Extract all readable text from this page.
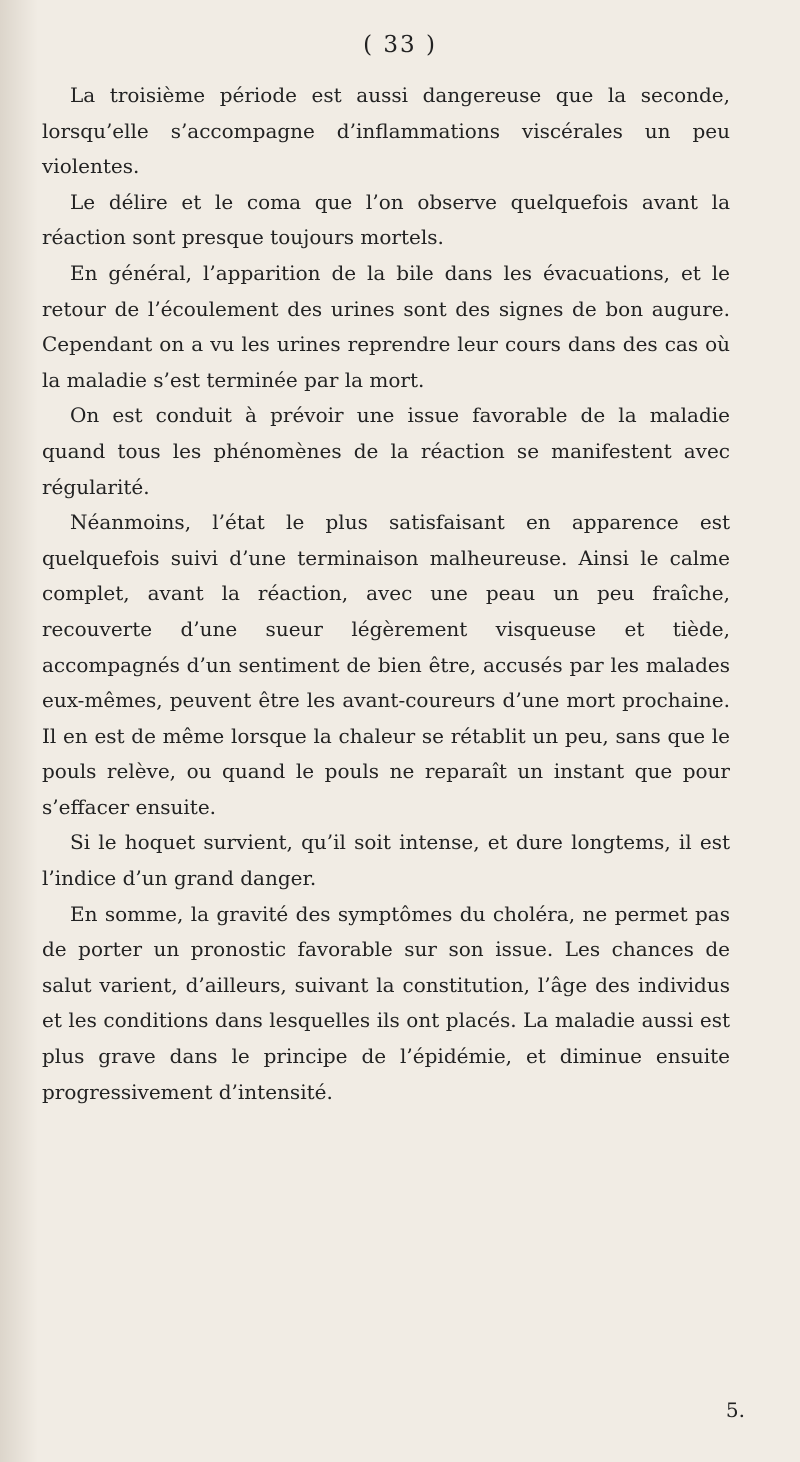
( 33 )

La troisième période est aussi dangereuse que la seconde, lorsqu’elle s’accompagne d’inflammations viscérales un peu violentes.

Le délire et le coma que l’on observe quelquefois avant la réaction sont presque toujours mortels.

En général, l’apparition de la bile dans les évacuations, et le retour de l’écoulement des urines sont des signes de bon augure. Cependant on a vu les urines reprendre leur cours dans des cas où la maladie s’est terminée par la mort.

On est conduit à prévoir une issue favorable de la maladie quand tous les phénomènes de la réaction se manifestent avec régularité.

Néanmoins, l’état le plus satisfaisant en apparence est quelquefois suivi d’une terminaison malheureuse. Ainsi le calme complet, avant la réaction, avec une peau un peu fraîche, recouverte d’une sueur légèrement visqueuse et tiède, accompagnés d’un sentiment de bien être, accusés par les malades eux-mêmes, peuvent être les avant-coureurs d’une mort prochaine. Il en est de même lorsque la chaleur se rétablit un peu, sans que le pouls relève, ou quand le pouls ne reparaît un instant que pour s’effacer ensuite.

Si le hoquet survient, qu’il soit intense, et dure longtems, il est l’indice d’un grand danger.

En somme, la gravité des symptômes du choléra, ne permet pas de porter un pronostic favorable sur son issue. Les chances de salut varient, d’ailleurs, suivant la constitution, l’âge des individus et les conditions dans lesquelles ils ont placés. La maladie aussi est plus grave dans le principe de l’épidémie, et diminue ensuite progressivement d’intensité.

5.
